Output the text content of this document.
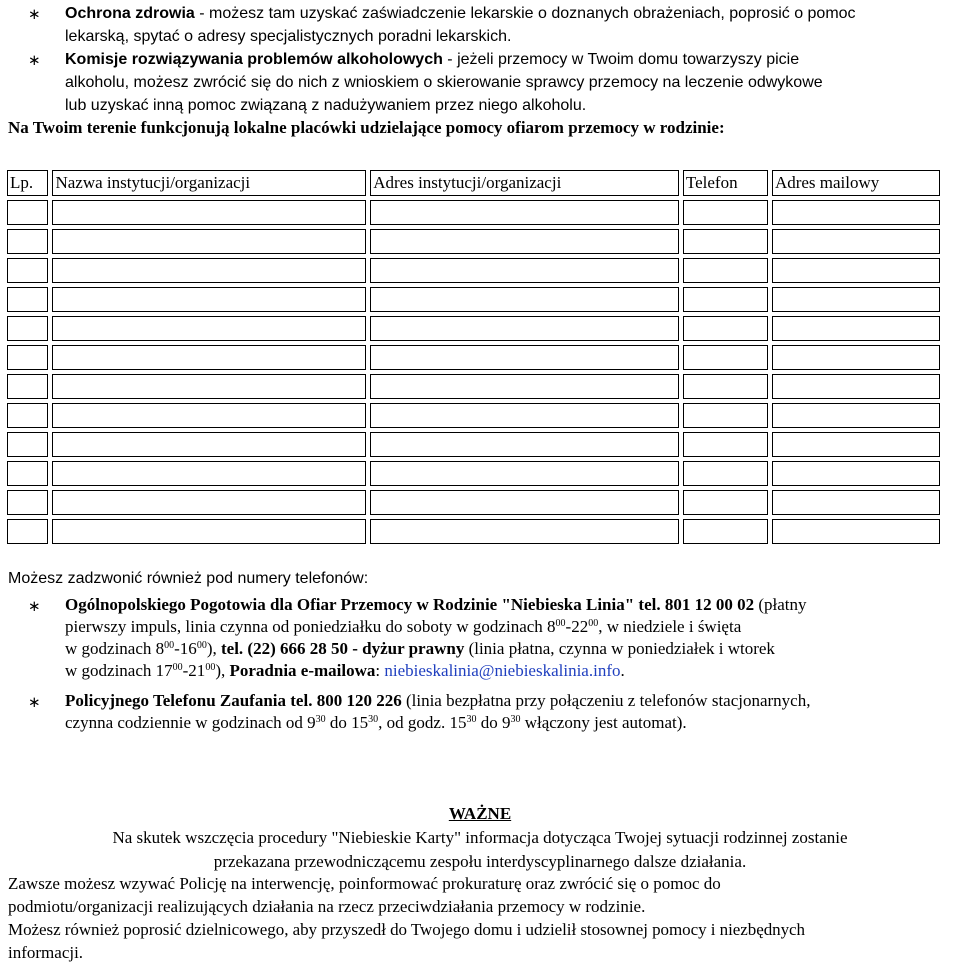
∗ Ochrona zdrowia - możesz tam uzyskać zaświadczenie lekarskie o doznanych obrażeniach, poprosić o pomoc
lekarską, spytać o adresy specjalistycznych poradni lekarskich.
∗ Komisje rozwiązywania problemów alkoholowych - jeżeli przemocy w Twoim domu towarzyszy picie
alkoholu, możesz zwrócić się do nich z wnioskiem o skierowanie sprawcy przemocy na leczenie odwykowe
lub uzyskać inną pomoc związaną z nadużywaniem przez niego alkoholu.
Na Twoim terenie funkcjonują lokalne placówki udzielające pomocy ofiarom przemocy w rodzinie:
Lp.	Nazwa instytucji/organizacji	Adres instytucji/organizacji	Telefon	Adres mailowy

Możesz zadzwonić również pod numery telefonów:
∗ Ogólnopolskiego Pogotowia dla Ofiar Przemocy w Rodzinie "Niebieska Linia" tel. 801 12 00 02 (płatny
pierwszy impuls, linia czynna od poniedziałku do soboty w godzinach $8^{00}-22^{00}$, w niedziele i święta
w godzinach $8^{00}-16^{00}$), tel. (22) 666 28 50 - dyżur prawny (linia płatna, czynna w poniedziałek i wtorek
w godzinach $17^{00}-21^{00}$), Poradnia e-mailowa: niebieskalinia@niebieskalinia.info.
∗ Policyjnego Telefonu Zaufania tel. 800 120 226 (linia bezpłatna przy połączeniu z telefonów stacjonarnych,
czynna codziennie w godzinach od $9^{30}$ do $15^{30}$, od godz. $15^{30}$ do $9^{30}$ włączony jest automat).
WAŻNE
Na skutek wszczęcia procedury "Niebieskie Karty" informacja dotycząca Twojej sytuacji rodzinnej zostanie
przekazana przewodniczącemu zespołu interdyscyplinarnego dalsze działania.
Zawsze możesz wzywać Policję na interwencję, poinformować prokuraturę oraz zwrócić się o pomoc do
podmiotu/organizacji realizujących działania na rzecz przeciwdziałania przemocy w rodzinie.
Możesz również poprosić dzielnicowego, aby przyszedł do Twojego domu i udzielił stosownej pomocy i niezbędnych
informacji.
